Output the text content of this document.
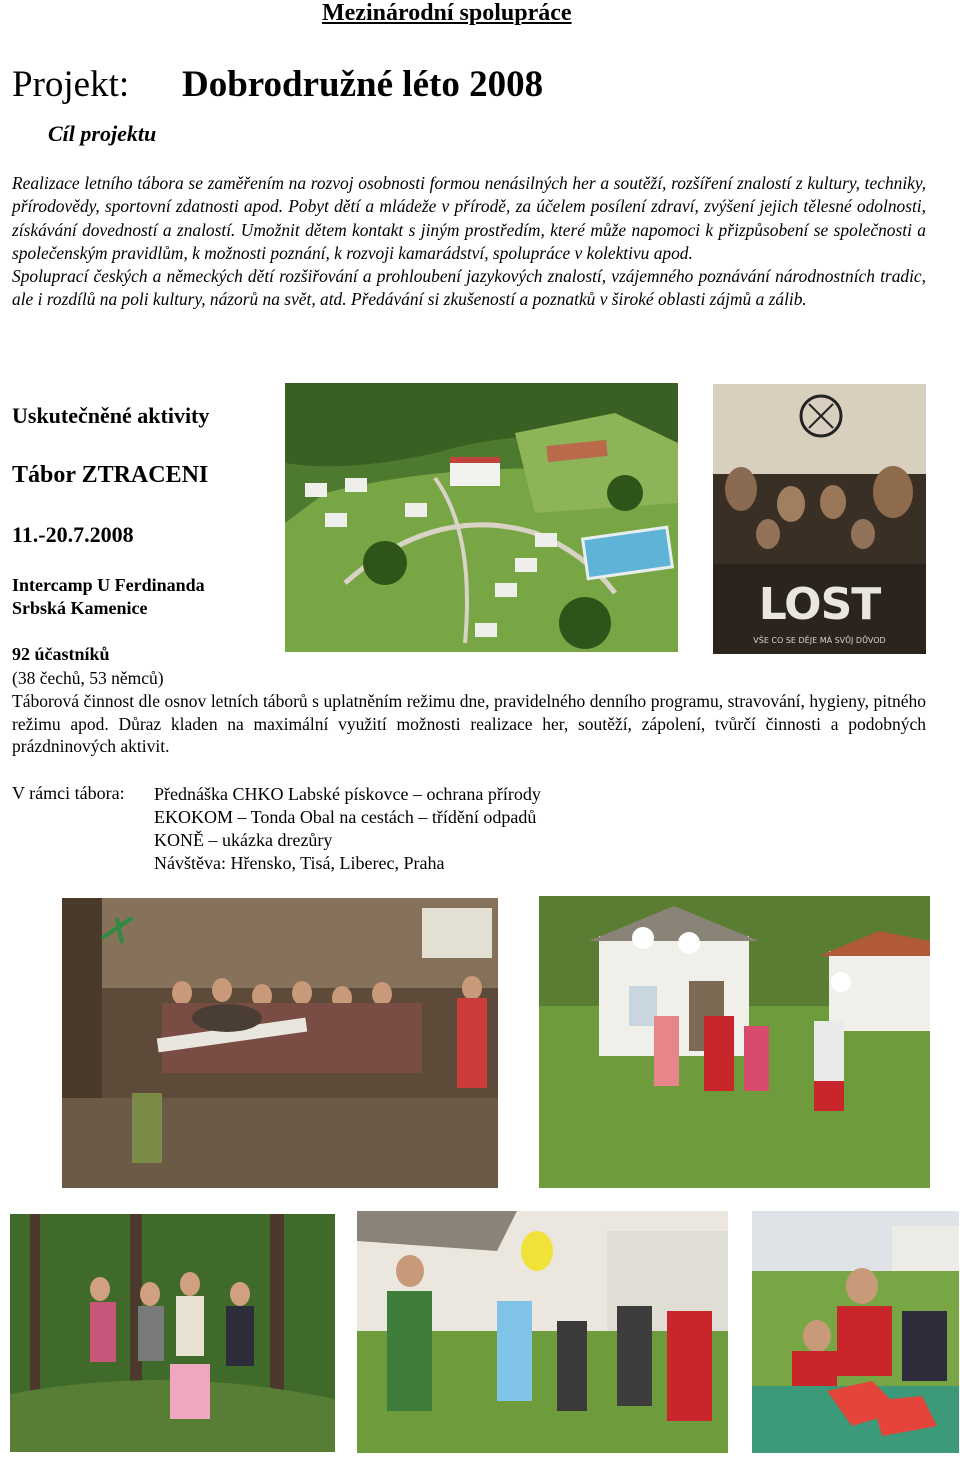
Mezinárodní spolupráce
Projekt: Dobrodružné léto 2008
Cíl projektu

Realizace letního tábora se zaměřením na rozvoj osobnosti formou nenásilných her a soutěží, rozšíření znalostí z kultury, techniky, přírodovědy, sportovní zdatnosti apod. Pobyt dětí a mládeže v přírodě, za účelem posílení zdraví, zvýšení jejich tělesné odolnosti, získávání dovedností a znalostí. Umožnit dětem kontakt s jiným prostředím, které může napomoci k přizpůsobení se společnosti a společenským pravidlům, k možnosti poznání, k rozvoji kamarádství, spolupráce v kolektivu apod.

Spoluprací českých a německých dětí rozšiřování a prohloubení jazykových znalostí, vzájemného poznávání národnostních tradic, ale i rozdílů na poli kultury, názorů na svět, atd. Předávání si zkušeností a poznatků v široké oblasti zájmů a zálib.

Uskutečněné aktivity
Tábor ZTRACENI
11.-20.7.2008
Intercamp U Ferdinanda
Srbská Kamenice
92 účastníků
(38 čechů, 53 němců)
Táborová činnost dle osnov letních táborů s uplatněním režimu dne, pravidelného denního programu, stravování, hygieny, pitného režimu apod. Důraz kladen na maximální využití možnosti realizace her, soutěží, zápolení, tvůrčí činnosti a podobných prázdninových aktivit.
V rámci tábora: Přednáška CHKO Labské pískovce – ochrana přírody
EKOKOM – Tonda Obal na cestách – třídění odpadů
KONĚ – ukázka drezůry
Návštěva: Hřensko, Tisá, Liberec, Praha
LOST
VŠE CO SE DĚJE MÁ SVŮJ DŮVOD
